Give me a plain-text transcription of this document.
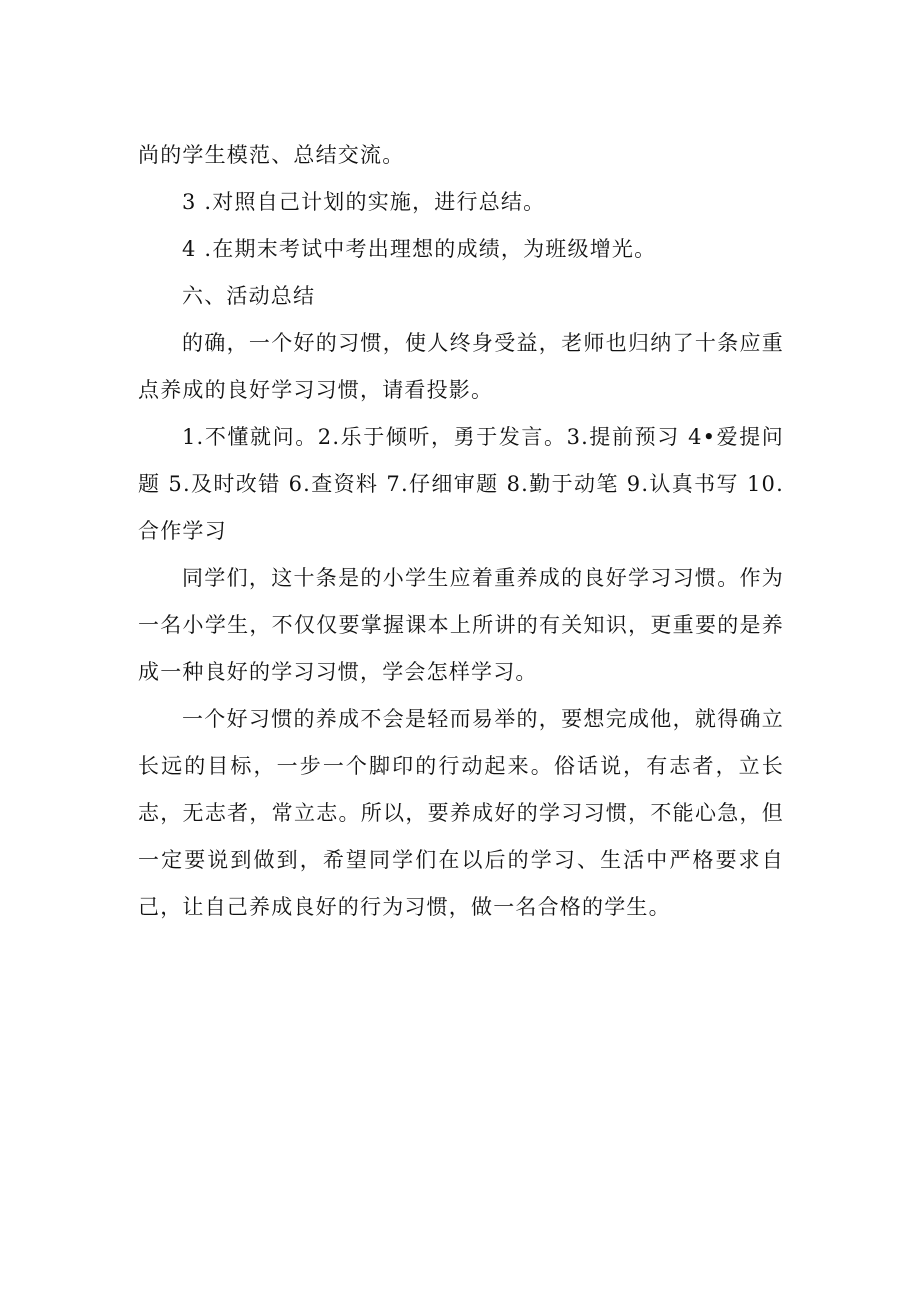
尚的学生模范、总结交流。

3 .对照自己计划的实施，进行总结。

4 .在期末考试中考出理想的成绩，为班级增光。

六、活动总结

的确，一个好的习惯，使人终身受益，老师也归纳了十条应重点养成的良好学习习惯，请看投影。

1.不懂就问。2.乐于倾听，勇于发言。3.提前预习 4•爱提问题 5.及时改错 6.查资料 7.仔细审题 8.勤于动笔 9.认真书写 10.合作学习

同学们，这十条是的小学生应着重养成的良好学习习惯。作为一名小学生，不仅仅要掌握课本上所讲的有关知识，更重要的是养成一种良好的学习习惯，学会怎样学习。

一个好习惯的养成不会是轻而易举的，要想完成他，就得确立长远的目标，一步一个脚印的行动起来。俗话说，有志者，立长志，无志者，常立志。所以，要养成好的学习习惯，不能心急，但一定要说到做到，希望同学们在以后的学习、生活中严格要求自己，让自己养成良好的行为习惯，做一名合格的学生。
